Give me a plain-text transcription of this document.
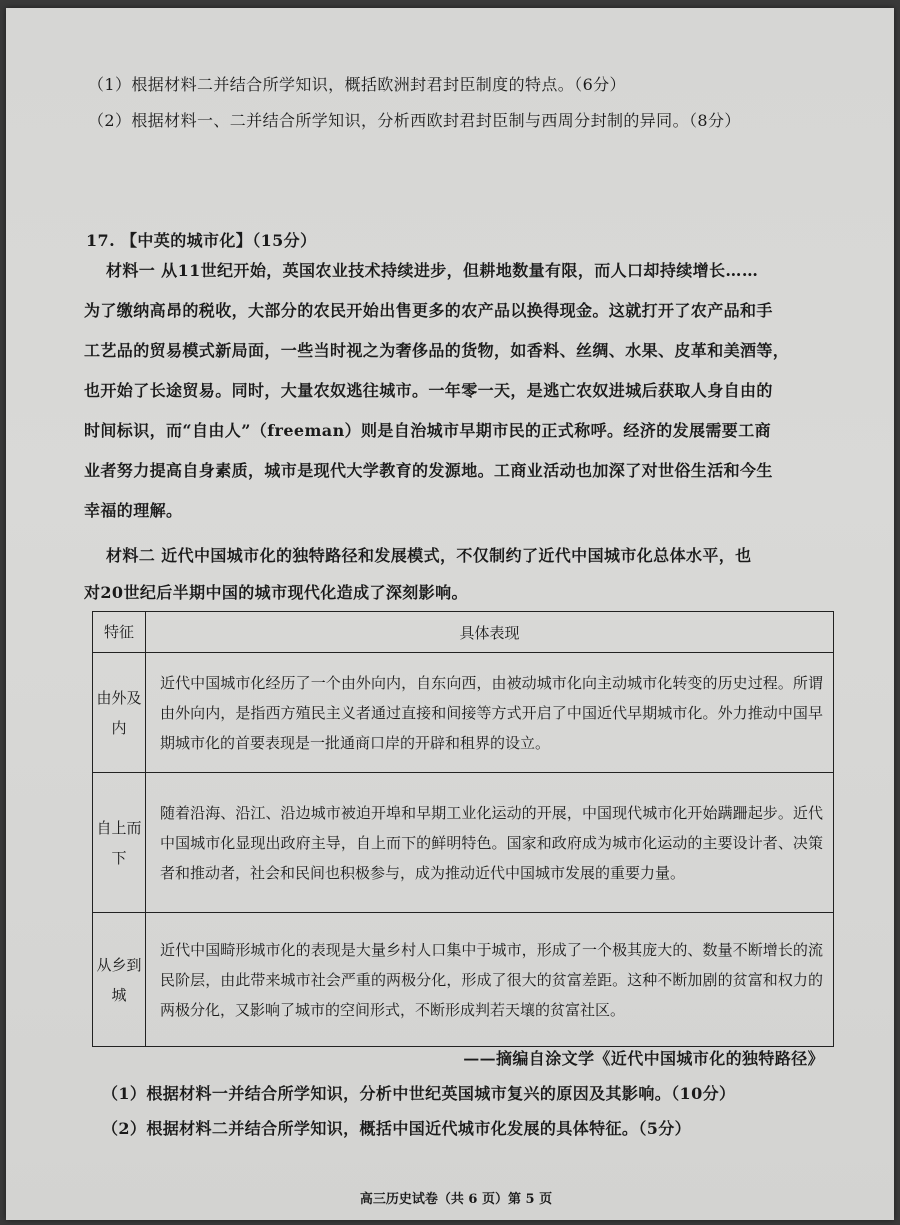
（1）根据材料二并结合所学知识，概括欧洲封君封臣制度的特点。（6分）
（2）根据材料一、二并结合所学知识，分析西欧封君封臣制与西周分封制的异同。（8分）
17. 【中英的城市化】（15分）
材料一 从11世纪开始，英国农业技术持续进步，但耕地数量有限，而人口却持续增长……
为了缴纳高昂的税收，大部分的农民开始出售更多的农产品以换得现金。这就打开了农产品和手
工艺品的贸易模式新局面，一些当时视之为奢侈品的货物，如香料、丝绸、水果、皮革和美酒等，
也开始了长途贸易。同时，大量农奴逃往城市。一年零一天，是逃亡农奴进城后获取人身自由的
时间标识，而“自由人”（freeman）则是自治城市早期市民的正式称呼。经济的发展需要工商
业者努力提高自身素质，城市是现代大学教育的发源地。工商业活动也加深了对世俗生活和今生
幸福的理解。
材料二 近代中国城市化的独特路径和发展模式，不仅制约了近代中国城市化总体水平，也
对20世纪后半期中国的城市现代化造成了深刻影响。
特征	具体表现
由外及内	近代中国城市化经历了一个由外向内，自东向西，由被动城市化向主动城市化转变的历史过程。所谓由外向内，是指西方殖民主义者通过直接和间接等方式开启了中国近代早期城市化。外力推动中国早期城市化的首要表现是一批通商口岸的开辟和租界的设立。
自上而下	随着沿海、沿江、沿边城市被迫开埠和早期工业化运动的开展，中国现代城市化开始蹒跚起步。近代中国城市化显现出政府主导，自上而下的鲜明特色。国家和政府成为城市化运动的主要设计者、决策者和推动者，社会和民间也积极参与，成为推动近代中国城市发展的重要力量。
从乡到城	近代中国畸形城市化的表现是大量乡村人口集中于城市，形成了一个极其庞大的、数量不断增长的流民阶层，由此带来城市社会严重的两极分化，形成了很大的贫富差距。这种不断加剧的贫富和权力的两极分化，又影响了城市的空间形式，不断形成判若天壤的贫富社区。
——摘编自涂文学《近代中国城市化的独特路径》
（1）根据材料一并结合所学知识，分析中世纪英国城市复兴的原因及其影响。（10分）
（2）根据材料二并结合所学知识，概括中国近代城市化发展的具体特征。（5分）
高三历史试卷（共 6 页）第 5 页
